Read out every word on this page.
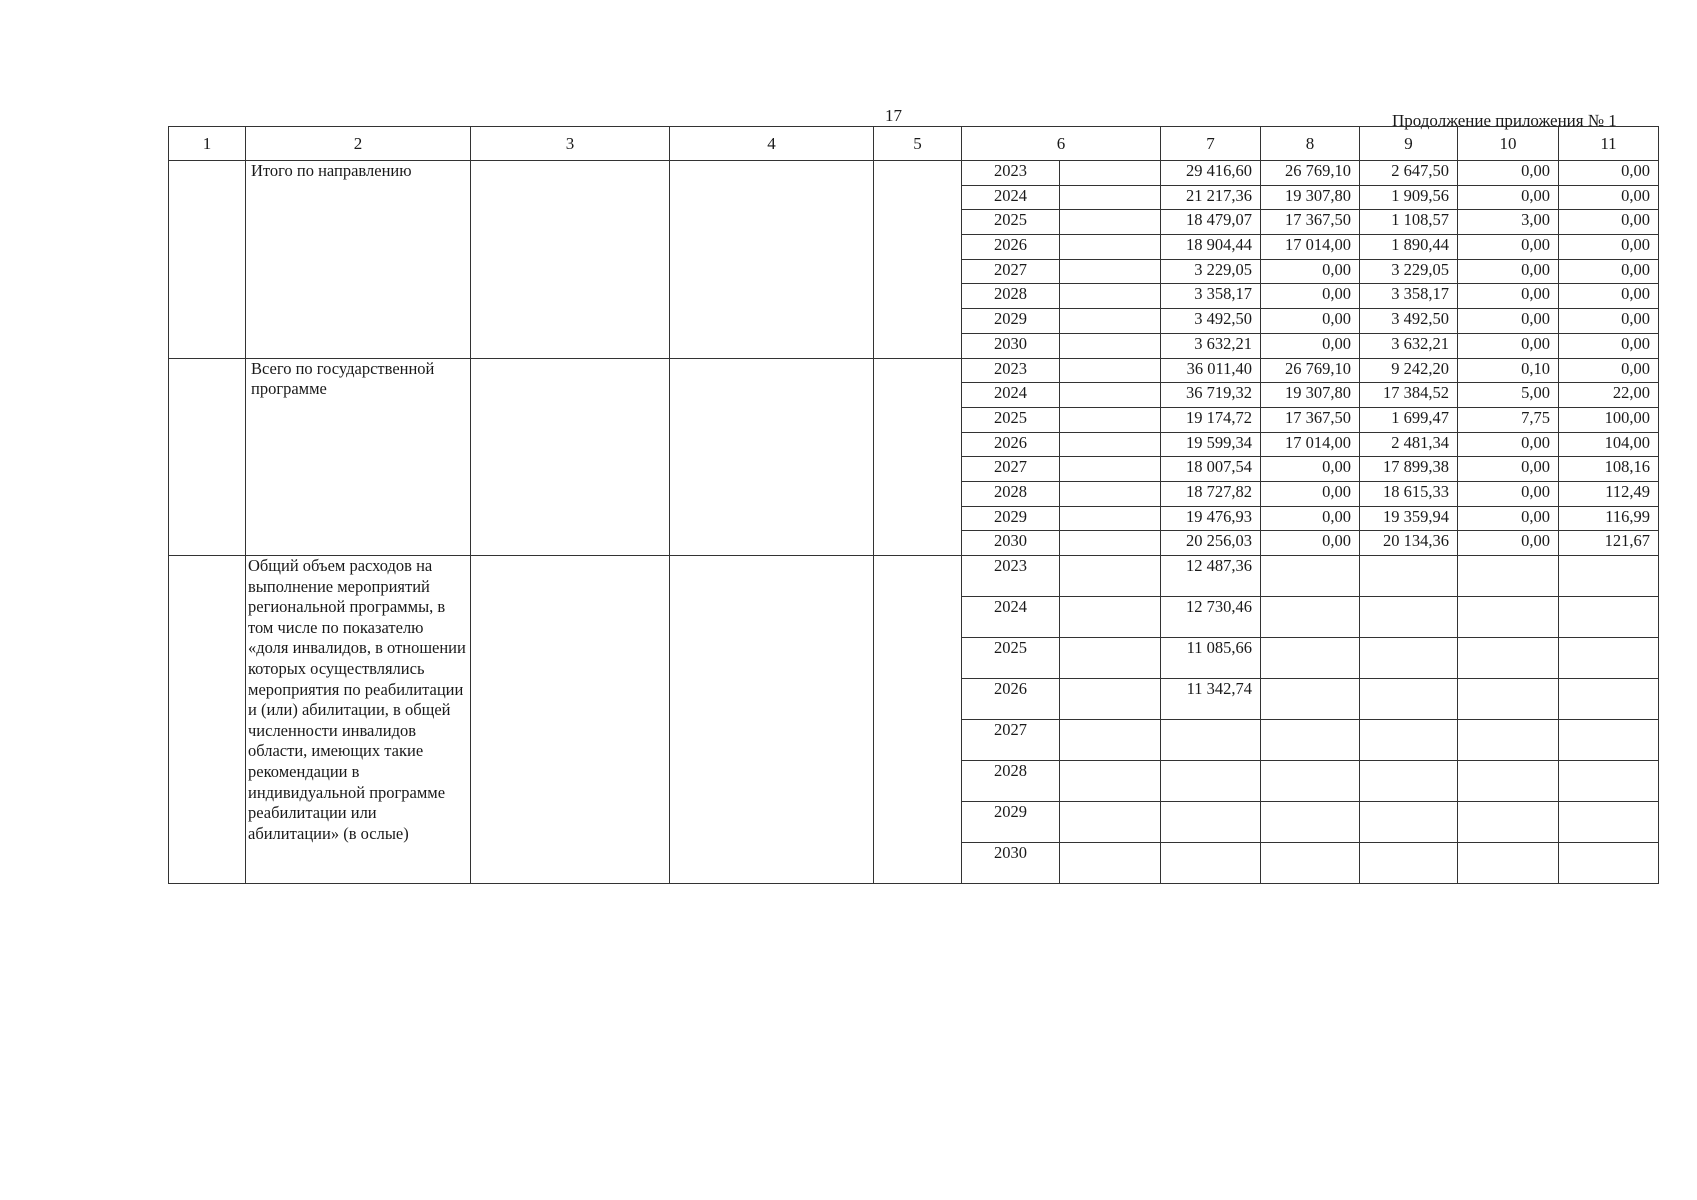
17	Продолжение приложения № 1
1	2	3	4	5	6		7	8	9	10	11
	Итого по направлению				2023		29 416,60	26 769,10	2 647,50	0,00	0,00
					2024		21 217,36	19 307,80	1 909,56	0,00	0,00
					2025		18 479,07	17 367,50	1 108,57	3,00	0,00
					2026		18 904,44	17 014,00	1 890,44	0,00	0,00
					2027		3 229,05	0,00	3 229,05	0,00	0,00
					2028		3 358,17	0,00	3 358,17	0,00	0,00
					2029		3 492,50	0,00	3 492,50	0,00	0,00
					2030		3 632,21	0,00	3 632,21	0,00	0,00
	Всего по государственной программе				2023		36 011,40	26 769,10	9 242,20	0,10	0,00
					2024		36 719,32	19 307,80	17 384,52	5,00	22,00
					2025		19 174,72	17 367,50	1 699,47	7,75	100,00
					2026		19 599,34	17 014,00	2 481,34	0,00	104,00
					2027		18 007,54	0,00	17 899,38	0,00	108,16
					2028		18 727,82	0,00	18 615,33	0,00	112,49
					2029		19 476,93	0,00	19 359,94	0,00	116,99
					2030		20 256,03	0,00	20 134,36	0,00	121,67
	Общий объем расходов на выполнение мероприятий региональной программы, в том числе по показателю «доля инвалидов, в отношении которых осуществлялись мероприятия по реабилитации и (или) абилитации, в общей численности инвалидов области, имеющих такие рекомендации в индивидуальной программе реабилитации или абилитации» (в ослые)				2023		12 487,36				
					2024		12 730,46				
					2025		11 085,66				
					2026		11 342,74				
					2027						
					2028						
					2029						
					2030						
